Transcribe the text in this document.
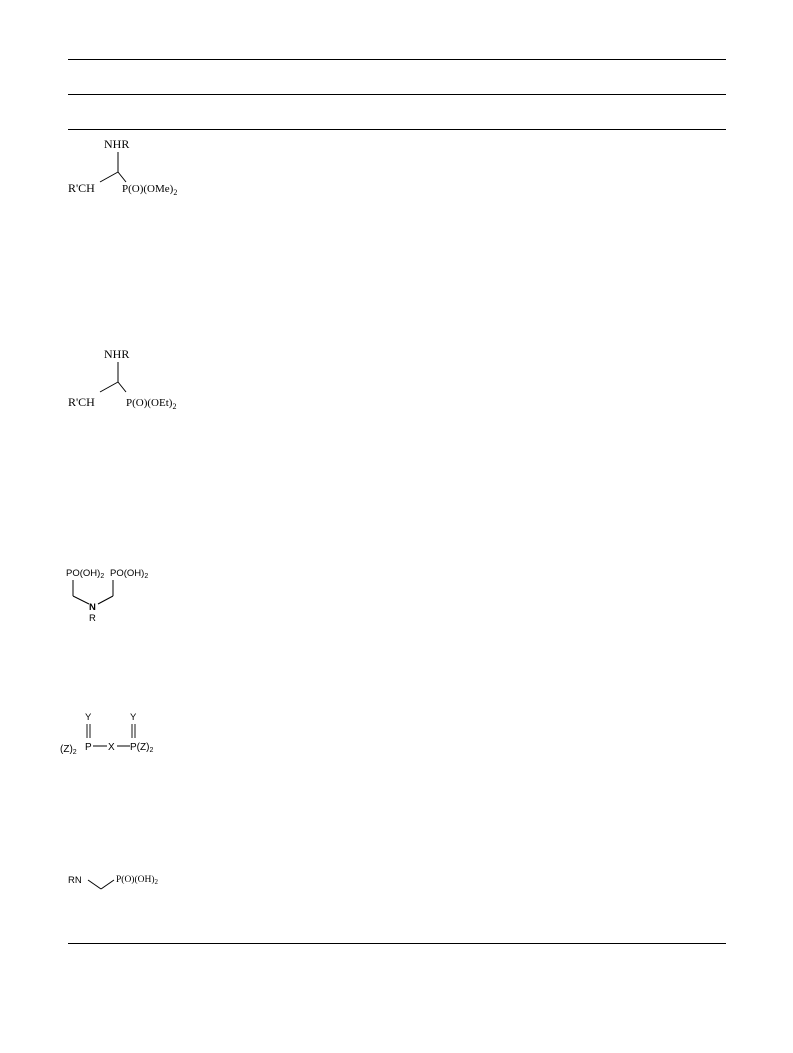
NHR
R'CH $P(O)(OMe)_2$
NHR
R'CH	$P(O)(OEt)_2$
$PO(OH)_2$ $PO(OH)_2$
N
R
Y	Y
$(Z)_2$ P X $P(Z)_2$
RN	$P(O)(OH)_2$
